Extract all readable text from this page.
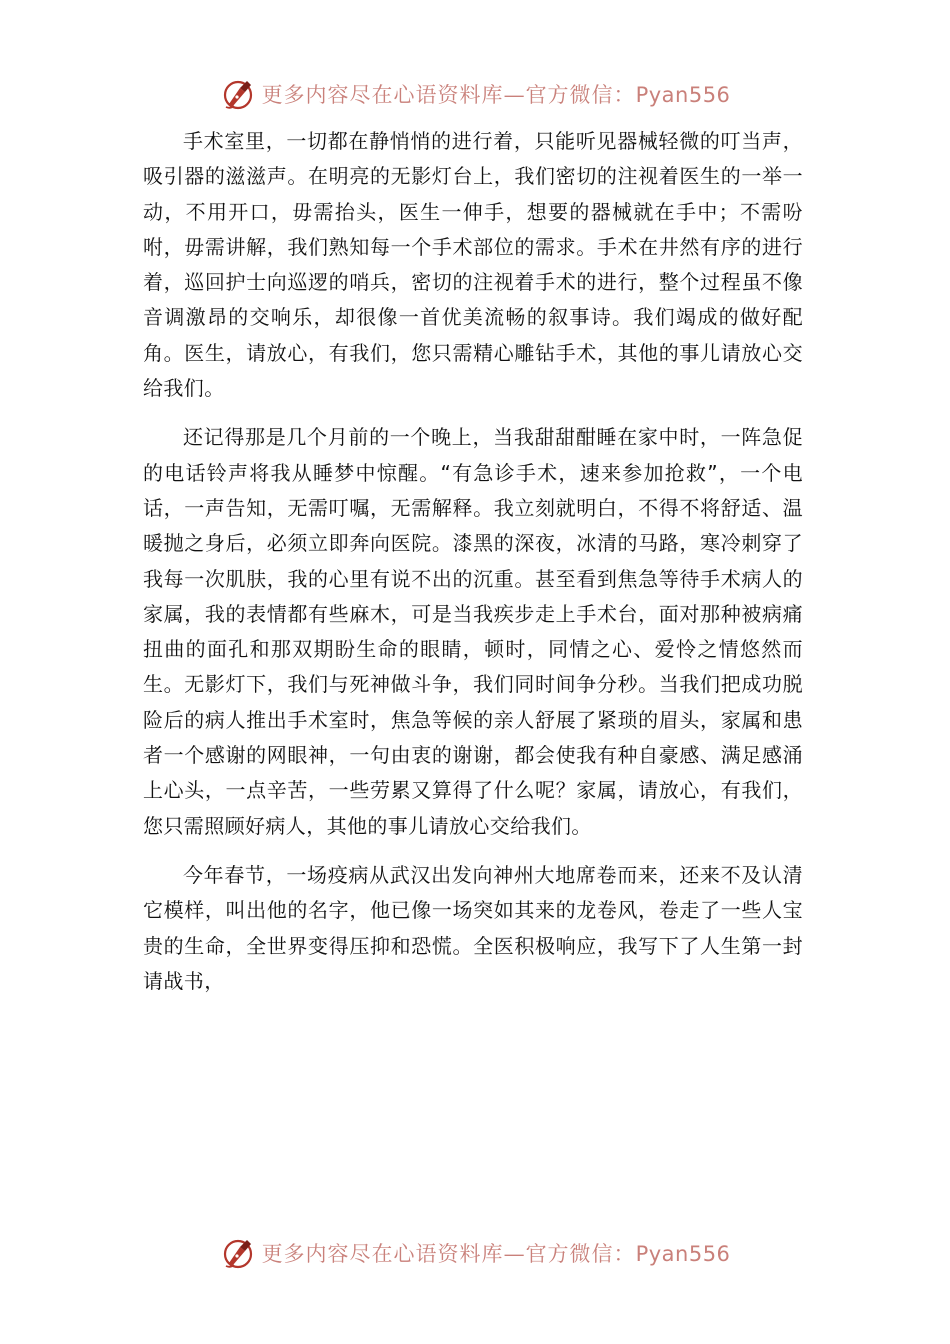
更多内容尽在心语资料库—官方微信：Pyan556

手术室里，一切都在静悄悄的进行着，只能听见器械轻微的叮当声，吸引器的滋滋声。在明亮的无影灯台上，我们密切的注视着医生的一举一动，不用开口，毋需抬头，医生一伸手，想要的器械就在手中；不需吩咐，毋需讲解，我们熟知每一个手术部位的需求。手术在井然有序的进行着，巡回护士向巡逻的哨兵，密切的注视着手术的进行，整个过程虽不像音调激昂的交响乐，却很像一首优美流畅的叙事诗。我们竭成的做好配角。医生，请放心，有我们，您只需精心雕钻手术，其他的事儿请放心交给我们。

还记得那是几个月前的一个晚上，当我甜甜酣睡在家中时，一阵急促的电话铃声将我从睡梦中惊醒。“有急诊手术，速来参加抢救”，一个电话，一声告知，无需叮嘱，无需解释。我立刻就明白，不得不将舒适、温暖抛之身后，必须立即奔向医院。漆黑的深夜，冰清的马路，寒冷刺穿了我每一次肌肤，我的心里有说不出的沉重。甚至看到焦急等待手术病人的家属，我的表情都有些麻木，可是当我疾步走上手术台，面对那种被病痛扭曲的面孔和那双期盼生命的眼睛，顿时，同情之心、爱怜之情悠然而生。无影灯下，我们与死神做斗争，我们同时间争分秒。当我们把成功脱险后的病人推出手术室时，焦急等候的亲人舒展了紧琐的眉头，家属和患者一个感谢的网眼神，一句由衷的谢谢，都会使我有种自豪感、满足感涌上心头，一点辛苦，一些劳累又算得了什么呢？家属，请放心，有我们，您只需照顾好病人，其他的事儿请放心交给我们。

今年春节，一场疫病从武汉出发向神州大地席卷而来，还来不及认清它模样，叫出他的名字，他已像一场突如其来的龙卷风，卷走了一些人宝贵的生命，全世界变得压抑和恐慌。全医积极响应，我写下了人生第一封请战书，

更多内容尽在心语资料库—官方微信：Pyan556
